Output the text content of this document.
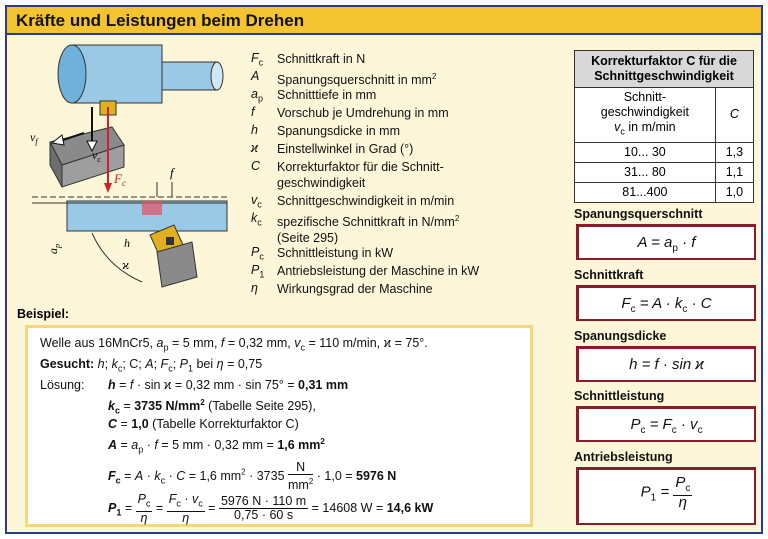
Kräfte und Leistungen beim Drehen
$v_f$
$v_c$
$F_c$
f
$a_p$	h
ϰ
$F_c$ Schnittkraft in N
A Spanungsquerschnitt in $mm^2$
$a_p$ Schnitttiefe in mm
f Vorschub je Umdrehung in mm
h Spanungsdicke in mm
ϰ Einstellwinkel in Grad (°)
C Korrekturfaktor für die Schnitt-
geschwindigkeit
$v_c$ Schnittgeschwindigkeit in m/min
$k_c$ spezifische Schnittkraft in $N/mm^2$
(Seite 295)
$P_c$ Schnittleistung in kW
$P_1$ Antriebsleistung der Maschine in kW
η Wirkungsgrad der Maschine
Korrekturfaktor C für die Schnittgeschwindigkeit	
Schnitt-
geschwindigkeit
$v_c$ in m/min	C
10... 30	1,3
31... 80	1,1
81...400	1,0
Spanungsquerschnitt
$A = a_p \cdot f$
Schnittkraft
$F_c = A \cdot k_c \cdot C$
Spanungsdicke
h = f · sin ϰ
Schnittleistung
$P_c = F_c \cdot v_c$
Antriebsleistung
$P_1 = \frac{P_c}{\eta}$
Beispiel:
Welle aus 16MnCr5, $a_p = 5$ mm, f = 0,32 mm, $v_c = 110$ m/min, ϰ = 75°.
Gesucht: h; $k_c$; C; A; $F_c$; $P_1$ bei η = 0,75
Lösung: h = f · sin ϰ = 0,32 mm · sin 75° = 0,31 mm
$k_c = 3735$ $N/mm^2$ (Tabelle Seite 295),
C = 1,0 (Tabelle Korrekturfaktor C)
$A = a_p \cdot f = 5$ mm · 0,32 mm = 1,6 $mm^2$
$F_c = A \cdot k_c \cdot C = 1,6$ $mm^2 \cdot 3735 \frac{N}{mm^2} \cdot 1,0 = 5976$ N
$P_1 = \frac{P_c}{\eta} = \frac{F_c \cdot v_c}{\eta} = \frac{5976 N \cdot 110 m}{0,75 \cdot 60 s} = 14608$ W = 14,6 kW
